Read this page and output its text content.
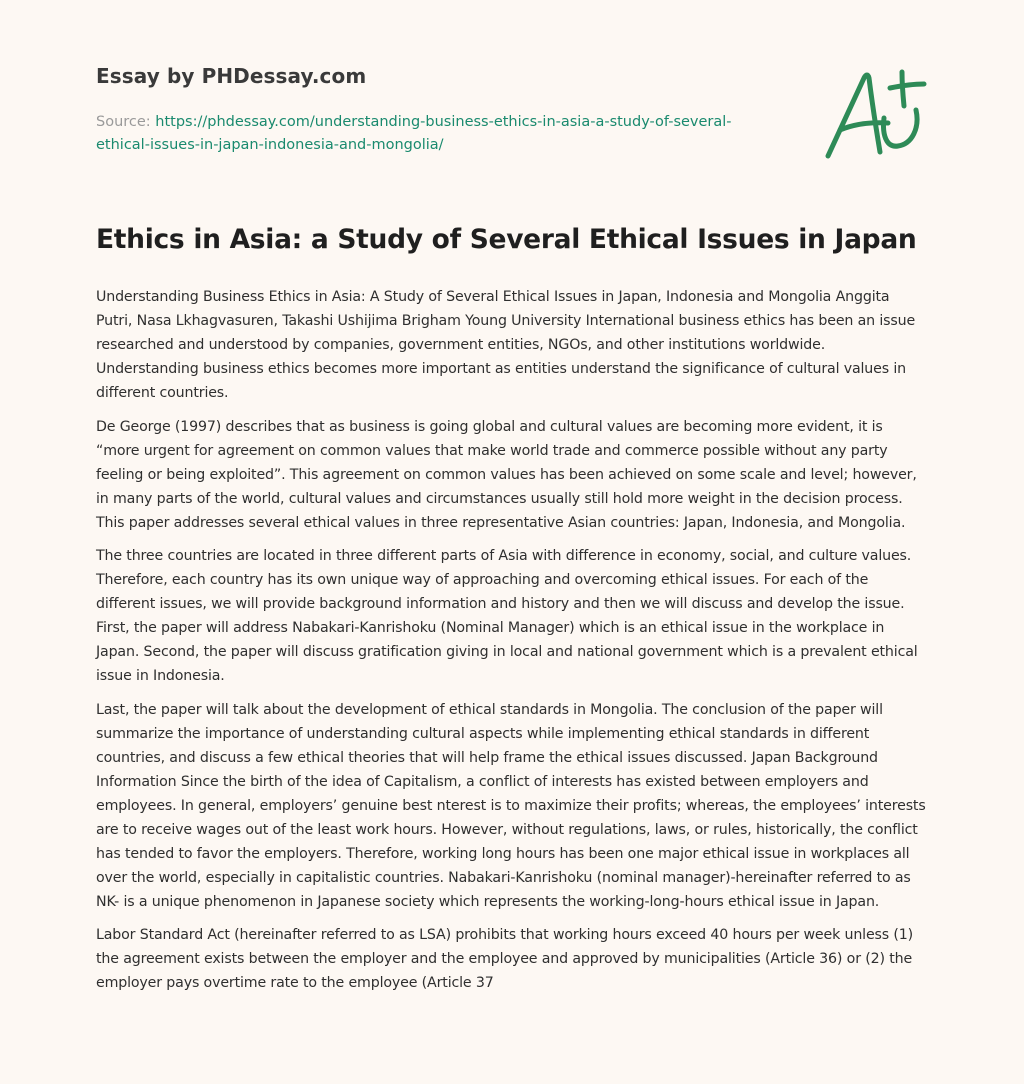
Essay by PHDessay.com
Source: https://phdessay.com/understanding-business-ethics-in-asia-a-study-of-several-
ethical-issues-in-japan-indonesia-and-mongolia/
Ethics in Asia: a Study of Several Ethical Issues in Japan

Understanding Business Ethics in Asia: A Study of Several Ethical Issues in Japan, Indonesia and Mongolia Anggita Putri, Nasa Lkhagvasuren, Takashi Ushijima Brigham Young University International business ethics has been an issue researched and understood by companies, government entities, NGOs, and other institutions worldwide. Understanding business ethics becomes more important as entities understand the significance of cultural values in different countries.

De George (1997) describes that as business is going global and cultural values are becoming more evident, it is “more urgent for agreement on common values that make world trade and commerce possible without any party feeling or being exploited”. This agreement on common values has been achieved on some scale and level; however, in many parts of the world, cultural values and circumstances usually still hold more weight in the decision process. This paper addresses several ethical values in three representative Asian countries: Japan, Indonesia, and Mongolia.

The three countries are located in three different parts of Asia with difference in economy, social, and culture values. Therefore, each country has its own unique way of approaching and overcoming ethical issues. For each of the different issues, we will provide background information and history and then we will discuss and develop the issue. First, the paper will address Nabakari-Kanrishoku (Nominal Manager) which is an ethical issue in the workplace in Japan. Second, the paper will discuss gratification giving in local and national government which is a prevalent ethical issue in Indonesia.

Last, the paper will talk about the development of ethical standards in Mongolia. The conclusion of the paper will summarize the importance of understanding cultural aspects while implementing ethical standards in different countries, and discuss a few ethical theories that will help frame the ethical issues discussed. Japan Background Information Since the birth of the idea of Capitalism, a conflict of interests has existed between employers and employees. In general, employers’ genuine best nterest is to maximize their profits; whereas, the employees’ interests are to receive wages out of the least work hours. However, without regulations, laws, or rules, historically, the conflict has tended to favor the employers. Therefore, working long hours has been one major ethical issue in workplaces all over the world, especially in capitalistic countries. Nabakari-Kanrishoku (nominal manager)-hereinafter referred to as NK- is a unique phenomenon in Japanese society which represents the working-long-hours ethical issue in Japan.

Labor Standard Act (hereinafter referred to as LSA) prohibits that working hours exceed 40 hours per week unless (1) the agreement exists between the employer and the employee and approved by municipalities (Article 36) or (2) the employer pays overtime rate to the employee (Article 37
